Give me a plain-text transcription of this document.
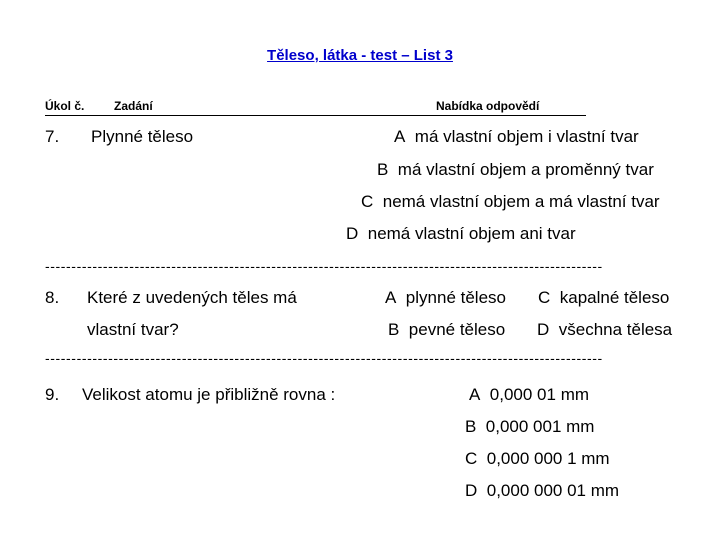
Těleso, látka - test – List 3
Úkol č. Zadání	Nabídka odpovědí
7. Plynné těleso	A má vlastní objem i vlastní tvar
B má vlastní objem a proměnný tvar
C nemá vlastní objem a má vlastní tvar
D nemá vlastní objem ani tvar
----------------------------------------------------------------------------------------------------------
8. Které z uvedených těles má
vlastní tvar?
A plynné těleso C kapalné těleso
B pevné těleso D všechna tělesa
----------------------------------------------------------------------------------------------------------
9. Velikost atomu je přibližně rovna :	A 0,000 01 mm
B 0,000 001 mm
C 0,000 000 1 mm
D 0,000 000 01 mm
